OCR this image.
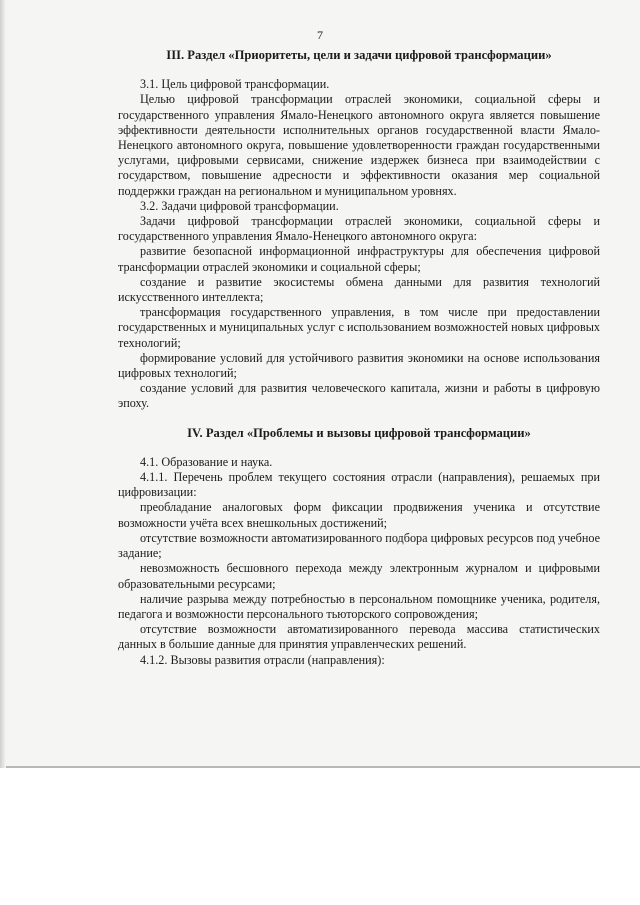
7
III. Раздел «Приоритеты, цели и задачи цифровой трансформации»

3.1. Цель цифровой трансформации.

Целью цифровой трансформации отраслей экономики, социальной сферы и государственного управления Ямало-Ненецкого автономного округа является повышение эффективности деятельности исполнительных органов государственной власти Ямало-Ненецкого автономного округа, повышение удовлетворенности граждан государственными услугами, цифровыми сервисами, снижение издержек бизнеса при взаимодействии с государством, повышение адресности и эффективности оказания мер социальной поддержки граждан на региональном и муниципальном уровнях.

3.2. Задачи цифровой трансформации.

Задачи цифровой трансформации отраслей экономики, социальной сферы и государственного управления Ямало-Ненецкого автономного округа:

развитие безопасной информационной инфраструктуры для обеспечения цифровой трансформации отраслей экономики и социальной сферы;

создание и развитие экосистемы обмена данными для развития технологий искусственного интеллекта;

трансформация государственного управления, в том числе при предоставлении государственных и муниципальных услуг с использованием возможностей новых цифровых технологий;

формирование условий для устойчивого развития экономики на основе использования цифровых технологий;

создание условий для развития человеческого капитала, жизни и работы в цифровую эпоху.

IV. Раздел «Проблемы и вызовы цифровой трансформации»

4.1. Образование и наука.

4.1.1. Перечень проблем текущего состояния отрасли (направления), решаемых при цифровизации:

преобладание аналоговых форм фиксации продвижения ученика и отсутствие возможности учёта всех внешкольных достижений;

отсутствие возможности автоматизированного подбора цифровых ресурсов под учебное задание;

невозможность бесшовного перехода между электронным журналом и цифровыми образовательными ресурсами;

наличие разрыва между потребностью в персональном помощнике ученика, родителя, педагога и возможности персонального тьюторского сопровождения;

отсутствие возможности автоматизированного перевода массива статистических данных в большие данные для принятия управленческих решений.

4.1.2. Вызовы развития отрасли (направления):
